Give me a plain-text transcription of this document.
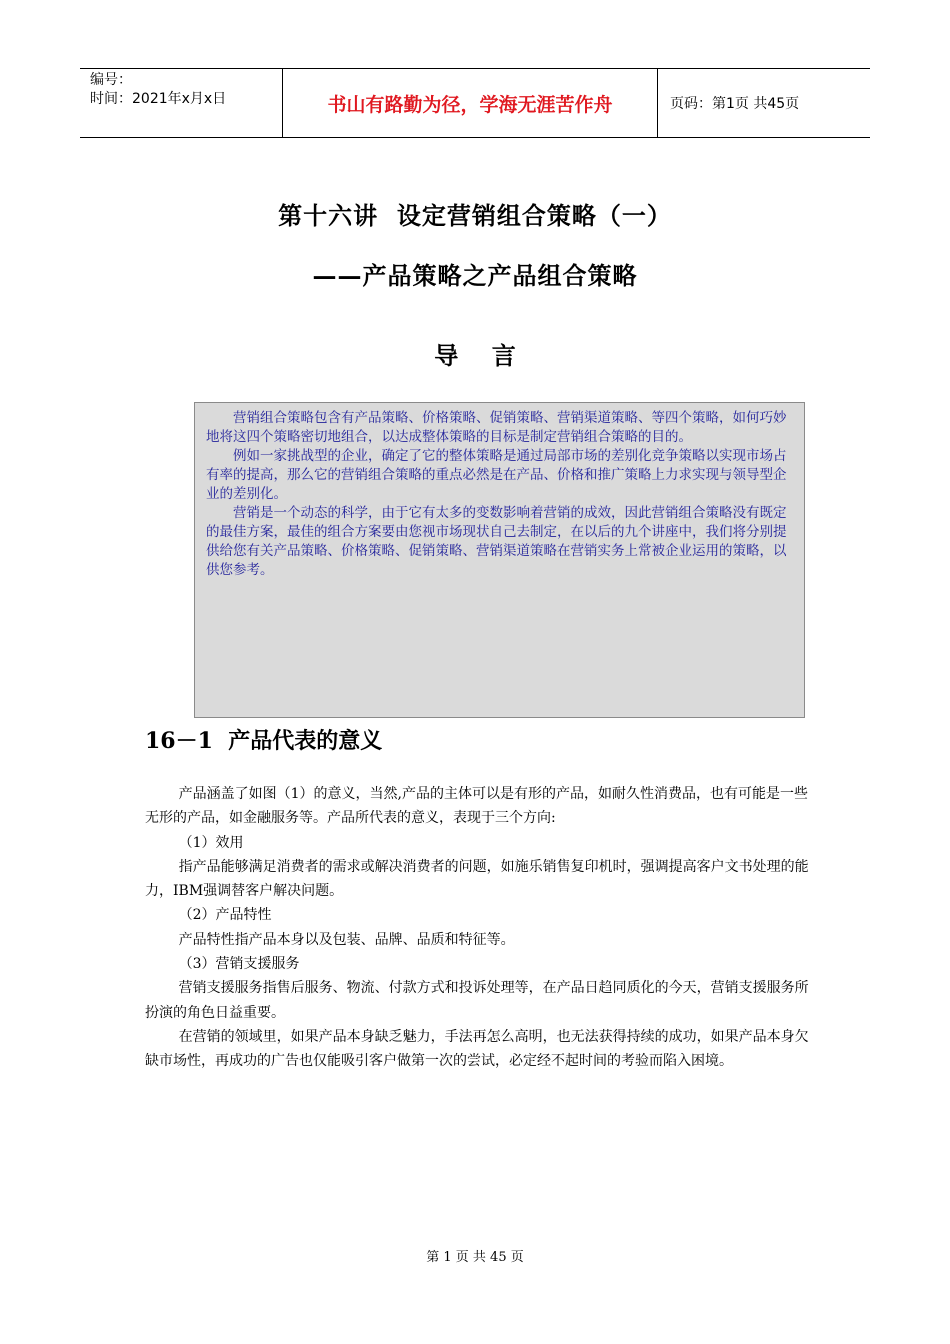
编号：
时间：2021年x月x日	书山有路勤为径，学海无涯苦作舟	页码：第1页 共45页
第十六讲  设定营销组合策略（一）
——产品策略之产品组合策略
导    言

营销组合策略包含有产品策略、价格策略、促销策略、营销渠道策略、等四个策略，如何巧妙地将这四个策略密切地组合，以达成整体策略的目标是制定营销组合策略的目的。

例如一家挑战型的企业，确定了它的整体策略是通过局部市场的差别化竞争策略以实现市场占有率的提高，那么它的营销组合策略的重点必然是在产品、价格和推广策略上力求实现与领导型企业的差别化。

营销是一个动态的科学，由于它有太多的变数影响着营销的成效，因此营销组合策略没有既定的最佳方案，最佳的组合方案要由您视市场现状自己去制定，在以后的九个讲座中，我们将分别提供给您有关产品策略、价格策略、促销策略、营销渠道策略在营销实务上常被企业运用的策略，以供您参考。

16－1  产品代表的意义

产品涵盖了如图（1）的意义，当然,产品的主体可以是有形的产品，如耐久性消费品，也有可能是一些无形的产品，如金融服务等。产品所代表的意义，表现于三个方向:

（1）效用

指产品能够满足消费者的需求或解决消费者的问题，如施乐销售复印机时，强调提高客户文书处理的能力，IBM强调替客户解决问题。

（2）产品特性

产品特性指产品本身以及包装、品牌、品质和特征等。

（3）营销支援服务

营销支援服务指售后服务、物流、付款方式和投诉处理等，在产品日趋同质化的今天，营销支援服务所扮演的角色日益重要。

在营销的领域里，如果产品本身缺乏魅力，手法再怎么高明，也无法获得持续的成功，如果产品本身欠缺市场性，再成功的广告也仅能吸引客户做第一次的尝试，必定经不起时间的考验而陷入困境。

第 1 页 共 45 页
